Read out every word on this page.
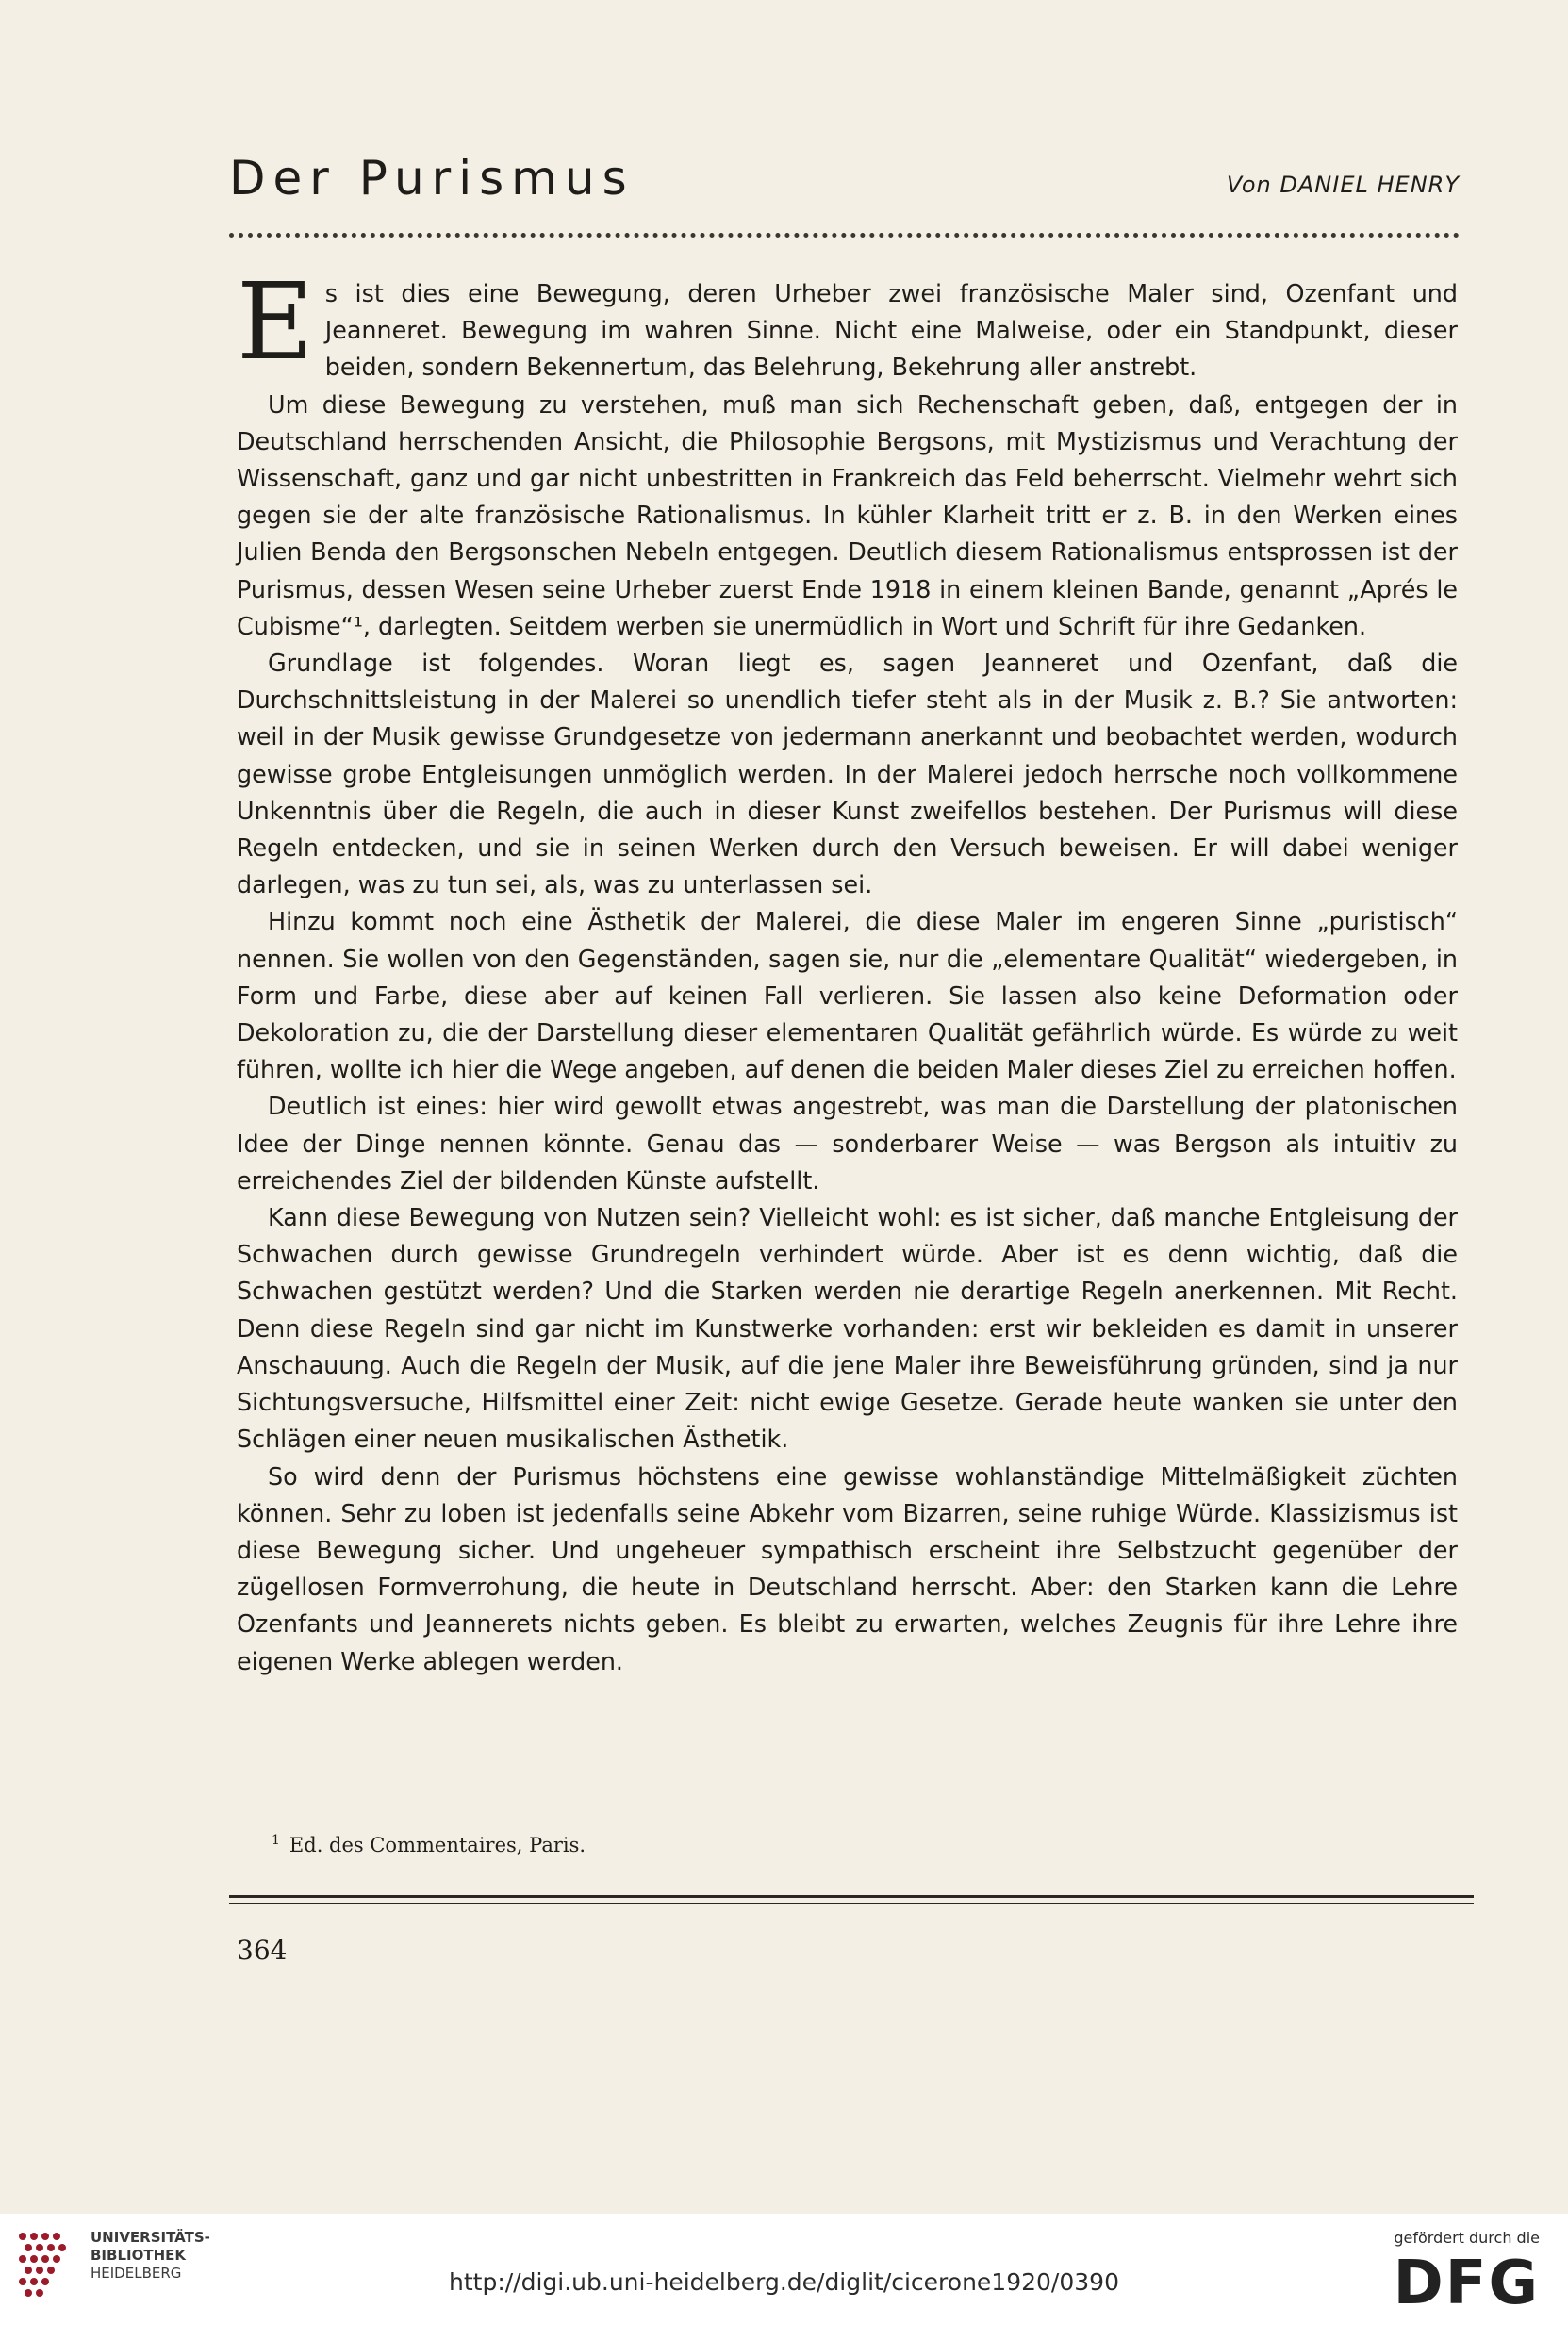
Der Purismus	Von DANIEL HENRY

Es ist dies eine Bewegung, deren Urheber zwei französische Maler sind, Ozenfant und Jeanneret. Bewegung im wahren Sinne. Nicht eine Malweise, oder ein Standpunkt, dieser beiden, sondern Bekennertum, das Belehrung, Bekehrung aller anstrebt.

Um diese Bewegung zu verstehen, muß man sich Rechenschaft geben, daß, entgegen der in Deutschland herrschenden Ansicht, die Philosophie Bergsons, mit Mystizismus und Verachtung der Wissenschaft, ganz und gar nicht unbestritten in Frankreich das Feld beherrscht. Vielmehr wehrt sich gegen sie der alte französische Rationalismus. In kühler Klarheit tritt er z. B. in den Werken eines Julien Benda den Bergsonschen Nebeln entgegen. Deutlich diesem Rationalismus entsprossen ist der Purismus, dessen Wesen seine Urheber zuerst Ende 1918 in einem kleinen Bande, genannt „Aprés le Cubisme“¹, darlegten. Seitdem werben sie unermüdlich in Wort und Schrift für ihre Gedanken.

Grundlage ist folgendes. Woran liegt es, sagen Jeanneret und Ozenfant, daß die Durchschnittsleistung in der Malerei so unendlich tiefer steht als in der Musik z. B.? Sie antworten: weil in der Musik gewisse Grundgesetze von jedermann anerkannt und beobachtet werden, wodurch gewisse grobe Entgleisungen unmöglich werden. In der Malerei jedoch herrsche noch vollkommene Unkenntnis über die Regeln, die auch in dieser Kunst zweifellos bestehen. Der Purismus will diese Regeln entdecken, und sie in seinen Werken durch den Versuch beweisen. Er will dabei weniger darlegen, was zu tun sei, als, was zu unterlassen sei.

Hinzu kommt noch eine Ästhetik der Malerei, die diese Maler im engeren Sinne „puristisch“ nennen. Sie wollen von den Gegenständen, sagen sie, nur die „elementare Qualität“ wiedergeben, in Form und Farbe, diese aber auf keinen Fall verlieren. Sie lassen also keine Deformation oder Dekoloration zu, die der Darstellung dieser elementaren Qualität gefährlich würde. Es würde zu weit führen, wollte ich hier die Wege angeben, auf denen die beiden Maler dieses Ziel zu erreichen hoffen.

Deutlich ist eines: hier wird gewollt etwas angestrebt, was man die Darstellung der platonischen Idee der Dinge nennen könnte. Genau das — sonderbarer Weise — was Bergson als intuitiv zu erreichendes Ziel der bildenden Künste aufstellt.

Kann diese Bewegung von Nutzen sein? Vielleicht wohl: es ist sicher, daß manche Entgleisung der Schwachen durch gewisse Grundregeln verhindert würde. Aber ist es denn wichtig, daß die Schwachen gestützt werden? Und die Starken werden nie derartige Regeln anerkennen. Mit Recht. Denn diese Regeln sind gar nicht im Kunstwerke vorhanden: erst wir bekleiden es damit in unserer Anschauung. Auch die Regeln der Musik, auf die jene Maler ihre Beweisführung gründen, sind ja nur Sichtungsversuche, Hilfsmittel einer Zeit: nicht ewige Gesetze. Gerade heute wanken sie unter den Schlägen einer neuen musikalischen Ästhetik.

So wird denn der Purismus höchstens eine gewisse wohlanständige Mittelmäßigkeit züchten können. Sehr zu loben ist jedenfalls seine Abkehr vom Bizarren, seine ruhige Würde. Klassizismus ist diese Bewegung sicher. Und ungeheuer sympathisch erscheint ihre Selbstzucht gegenüber der zügellosen Formverrohung, die heute in Deutschland herrscht. Aber: den Starken kann die Lehre Ozenfants und Jeannerets nichts geben. Es bleibt zu erwarten, welches Zeugnis für ihre Lehre ihre eigenen Werke ablegen werden.

$^1$ Ed. des Commentaires, Paris.
364
UNIVERSITÄTS-
BIBLIOTHEK
HEIDELBERG	http://digi.ub.uni-heidelberg.de/diglit/cicerone1920/0390
gefördert durch die
DFG
